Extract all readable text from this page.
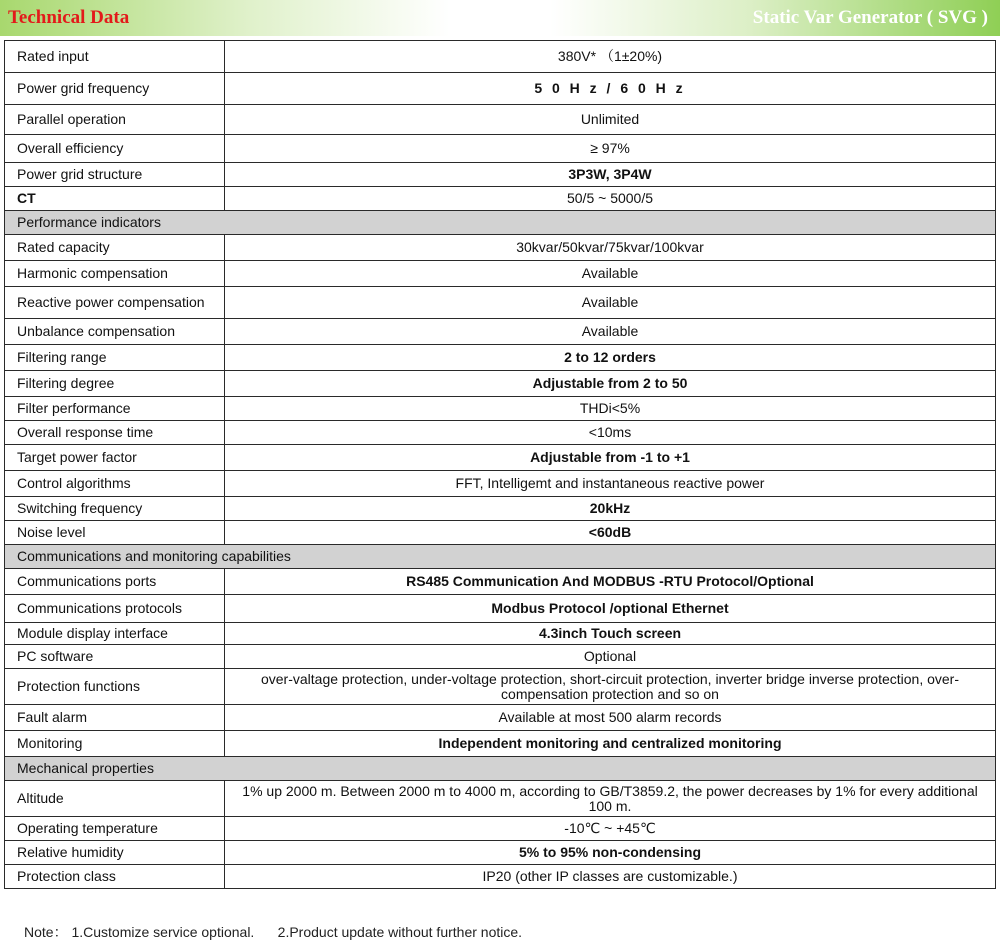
Technical Data	Static Var Generator ( SVG )
Rated input	380V* （1±20%)
Power grid frequency	5 0 H z / 6 0 H z
Parallel operation	Unlimited
Overall efficiency	≥ 97%
Power grid structure	3P3W, 3P4W
CT	50/5 ~ 5000/5
Performance indicators	
Rated capacity	30kvar/50kvar/75kvar/100kvar
Harmonic compensation	Available
Reactive power compensation	Available
Unbalance compensation	Available
Filtering range	2 to 12 orders
Filtering degree	Adjustable from 2 to 50
Filter performance	THDi<5%
Overall response time	<10ms
Target power factor	Adjustable from -1 to +1
Control algorithms	FFT, Intelligemt and instantaneous reactive power
Switching frequency	20kHz
Noise level	<60dB
Communications and monitoring capabilities	
Communications ports	RS485 Communication And MODBUS -RTU Protocol/Optional
Communications protocols	Modbus Protocol /optional Ethernet
Module display interface	4.3inch Touch screen
PC software	Optional
Protection functions	over-valtage protection, under-voltage protection, short-circuit protection, inverter bridge inverse protection, over-compensation protection and so on
Fault alarm	Available at most 500 alarm records
Monitoring	Independent monitoring and centralized monitoring
Mechanical properties	
Altitude	1% up 2000 m. Between 2000 m to 4000 m, according to GB/T3859.2, the power decreases by 1% for every additional 100 m.
Operating temperature	-10℃ ~ +45℃
Relative humidity	5% to 95% non-condensing
Protection class	IP20 (other IP classes are customizable.)
Note： 1.Customize service optional.      2.Product update without further notice.
